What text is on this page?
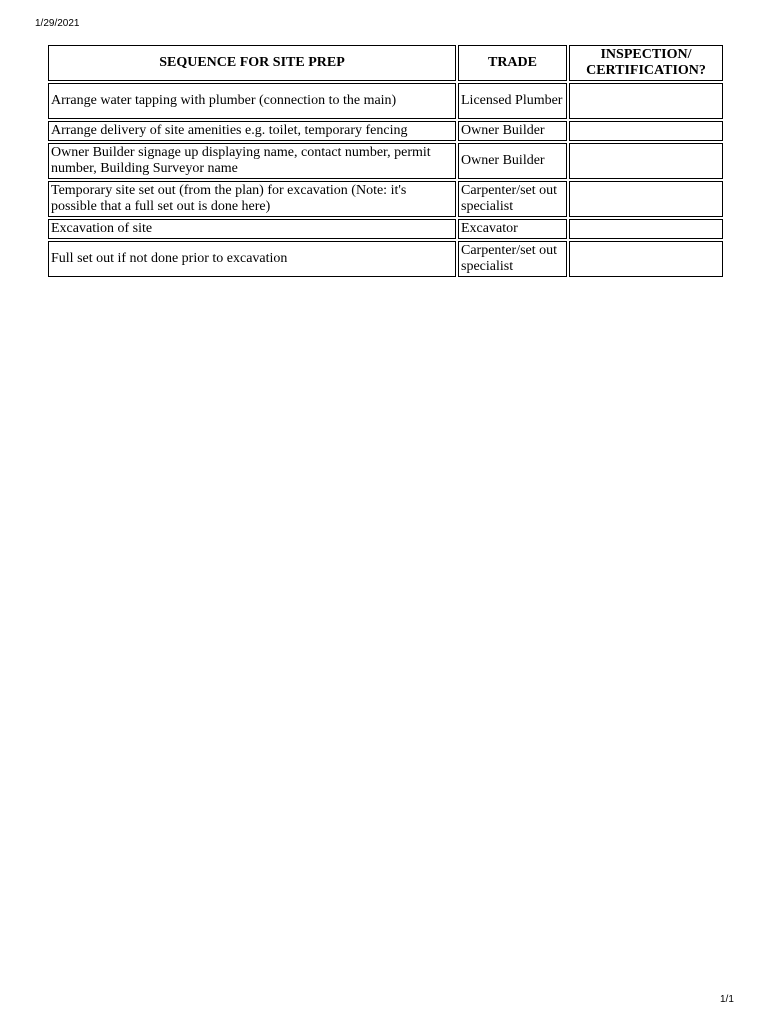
1/29/2021
SEQUENCE FOR SITE PREP	TRADE	INSPECTION/ CERTIFICATION?
Arrange water tapping with plumber (connection to the main)	Licensed Plumber	
Arrange delivery of site amenities e.g. toilet, temporary fencing	Owner Builder	
Owner Builder signage up displaying name, contact number, permit number, Building Surveyor name	Owner Builder	
Temporary site set out (from the plan) for excavation (Note: it's possible that a full set out is done here)	Carpenter/set out specialist	
Excavation of site	Excavator	
Full set out if not done prior to excavation	Carpenter/set out specialist	
1/1
